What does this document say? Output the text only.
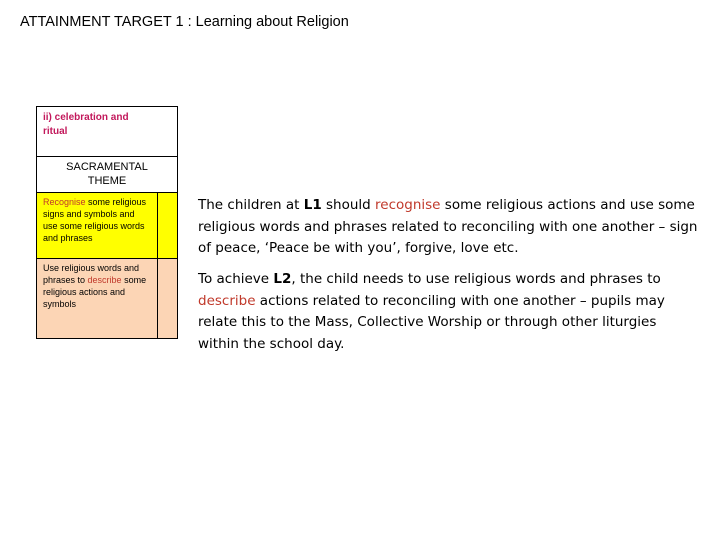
ATTAINMENT TARGET 1 : Learning about Religion
ii) celebration and
ritual
SACRAMENTAL
THEME
Recognise some religious signs and symbols and use some religious words and phrases
Use religious words and phrases to describe some religious actions and symbols
The children at L1 should recognise some religious actions and use some religious words and phrases related to reconciling with one another – sign of peace, ‘Peace be with you’, forgive, love etc.
To achieve L2, the child needs to use religious words and phrases to describe actions related to reconciling with one another – pupils may relate this to the Mass, Collective Worship or through other liturgies within the school day.
